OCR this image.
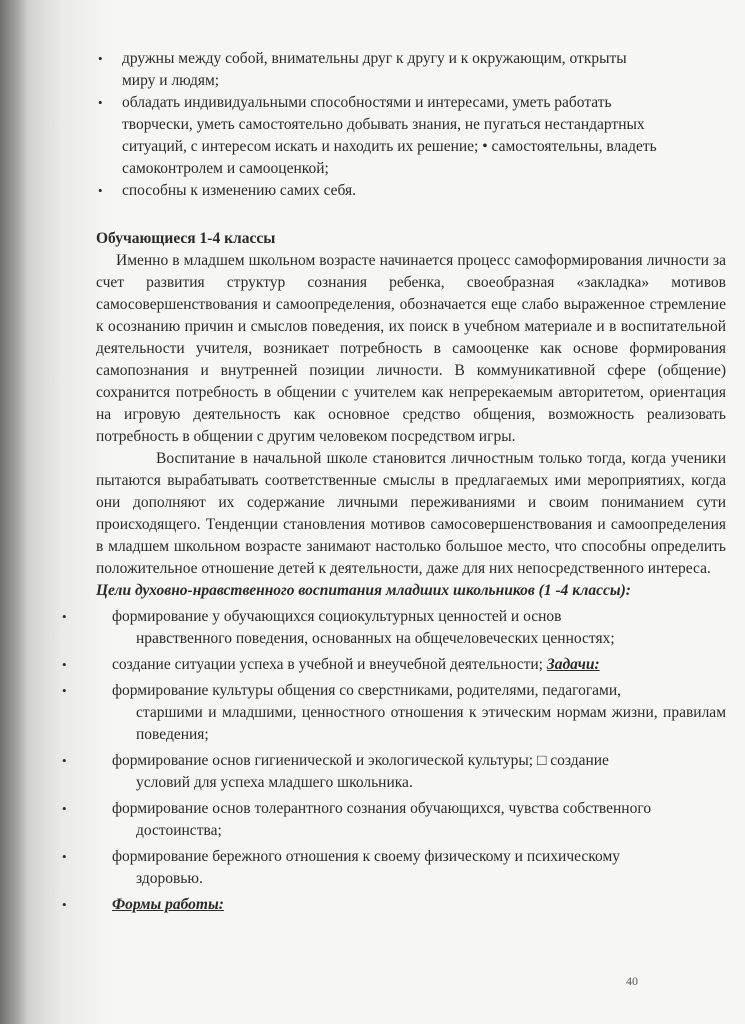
• дружны между собой, внимательны друг к другу и к окружающим, открыты
миру и людям;
• обладать индивидуальными способностями и интересами, уметь работать
творчески, уметь самостоятельно добывать знания, не пугаться нестандартных
ситуаций, с интересом искать и находить их решение; • самостоятельны, владеть
самоконтролем и самооценкой;
• способны к изменению самих себя.
Обучающиеся 1-4 классы

Именно в младшем школьном возрасте начинается процесс самоформирования личности за счет развития структур сознания ребенка, своеобразная «закладка» мотивов самосовершенствования и самоопределения, обозначается еще слабо выраженное стремление к осознанию причин и смыслов поведения, их поиск в учебном материале и в воспитательной деятельности учителя, возникает потребность в самооценке как основе формирования самопознания и внутренней позиции личности. В коммуникативной сфере (общение) сохранится потребность в общении с учителем как непререкаемым авторитетом, ориентация на игровую деятельность как основное средство общения, возможность реализовать потребность в общении с другим человеком посредством игры.

Воспитание в начальной школе становится личностным только тогда, когда ученики пытаются вырабатывать соответственные смыслы в предлагаемых ими мероприятиях, когда они дополняют их содержание личными переживаниями и своим пониманием сути происходящего. Тенденции становления мотивов самосовершенствования и самоопределения в младшем школьном возрасте занимают настолько большое место, что способны определить положительное отношение детей к деятельности, даже для них непосредственного интереса.

Цели духовно-нравственного воспитания младших школьников (1 -4 классы):
•	формирование у обучающихся социокультурных ценностей и основ
нравственного поведения, основанных на общечеловеческих ценностях;
•	создание ситуации успеха в учебной и внеучебной деятельности; Задачи:
•	формирование культуры общения со сверстниками, родителями, педагогами,
старшими и младшими, ценностного отношения к этическим нормам жизни, правилам поведения;
•	формирование основ гигиенической и экологической культуры; □ создание
условий для успеха младшего школьника.
•	формирование основ толерантного сознания обучающихся, чувства собственного
достоинства;
•	формирование бережного отношения к своему физическому и психическому
здоровью.
•	Формы работы:
40
